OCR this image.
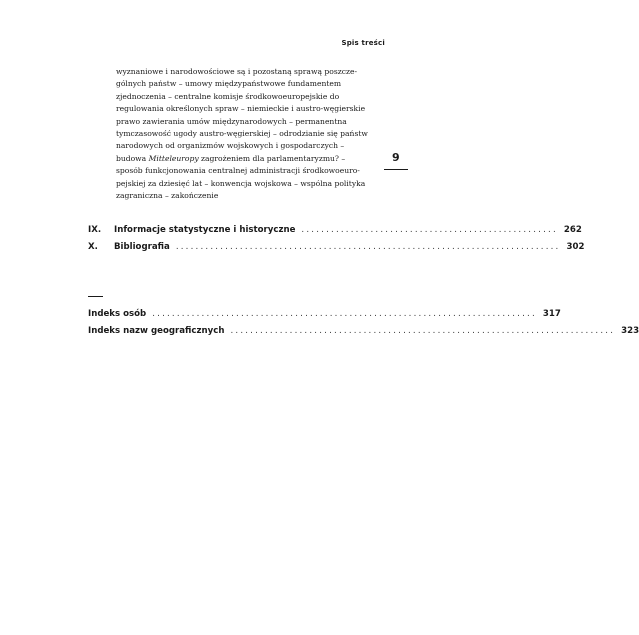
Spis treści
9
wyznaniowe i narodowościowe są i pozostaną sprawą poszcze-
gólnych państw – umowy międzypaństwowe fundamentem
zjednoczenia – centralne komisje środkowoeuropejskie do
regulowania określonych spraw – niemieckie i austro-węgierskie
prawo zawierania umów międzynarodowych – permanentna
tymczasowość ugody austro-węgierskiej – odrodzianie się państw
narodowych od organizmów wojskowych i gospodarczych –
budowa Mitteleuropy zagrożeniem dla parlamentaryzmu? –
sposób funkcjonowania centralnej administracji środkowoeuro-
pejskiej za dziesięć lat – konwencja wojskowa – wspólna polityka
zagraniczna – zakończenie
IX.	Informacje statystyczne i historyczne .................................................... 262
X.	Bibliografia .............................................................................. 302
Indeks osób .............................................................................. 317
Indeks nazw geograficznych .............................................................................. 323
